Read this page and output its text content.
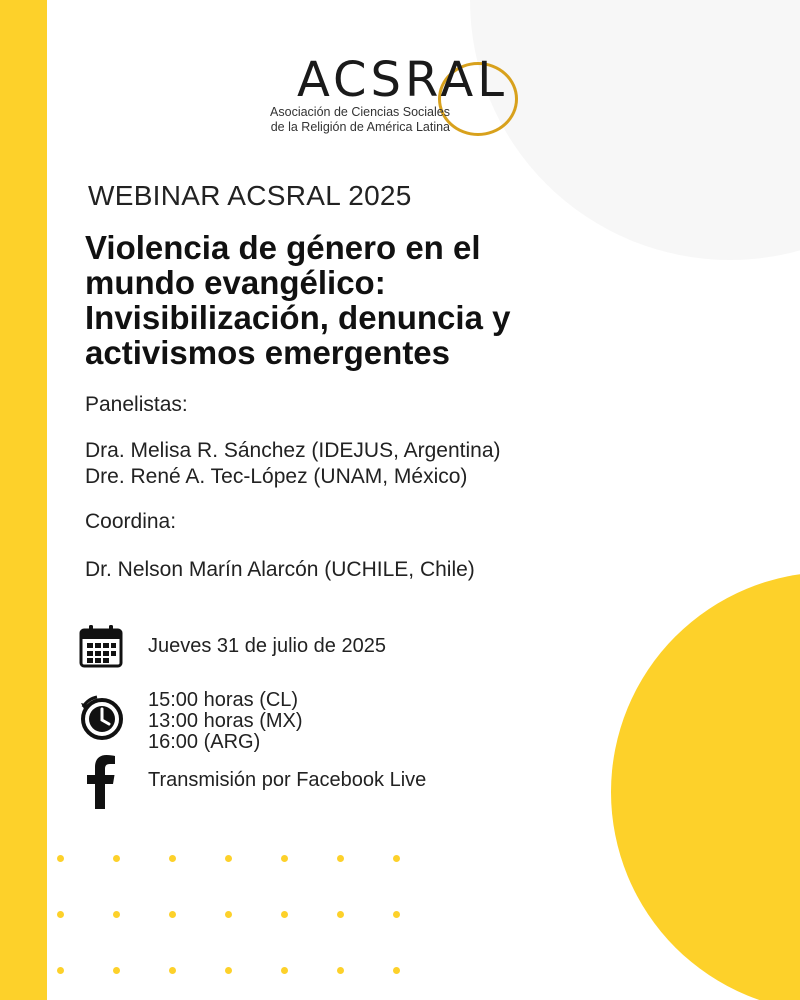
ACSRAL
Asociación de Ciencias Sociales
de la Religión de América Latina
WEBINAR ACSRAL 2025
Violencia de género en el
mundo evangélico:
Invisibilización, denuncia y
activismos emergentes
Panelistas:
Dra. Melisa R. Sánchez (IDEJUS, Argentina)
Dre. René A. Tec-López (UNAM, México)
Coordina:
Dr. Nelson Marín Alarcón (UCHILE, Chile)
Jueves 31 de julio de 2025
15:00 horas (CL)
13:00 horas (MX)
16:00 (ARG)
Transmisión por Facebook Live
